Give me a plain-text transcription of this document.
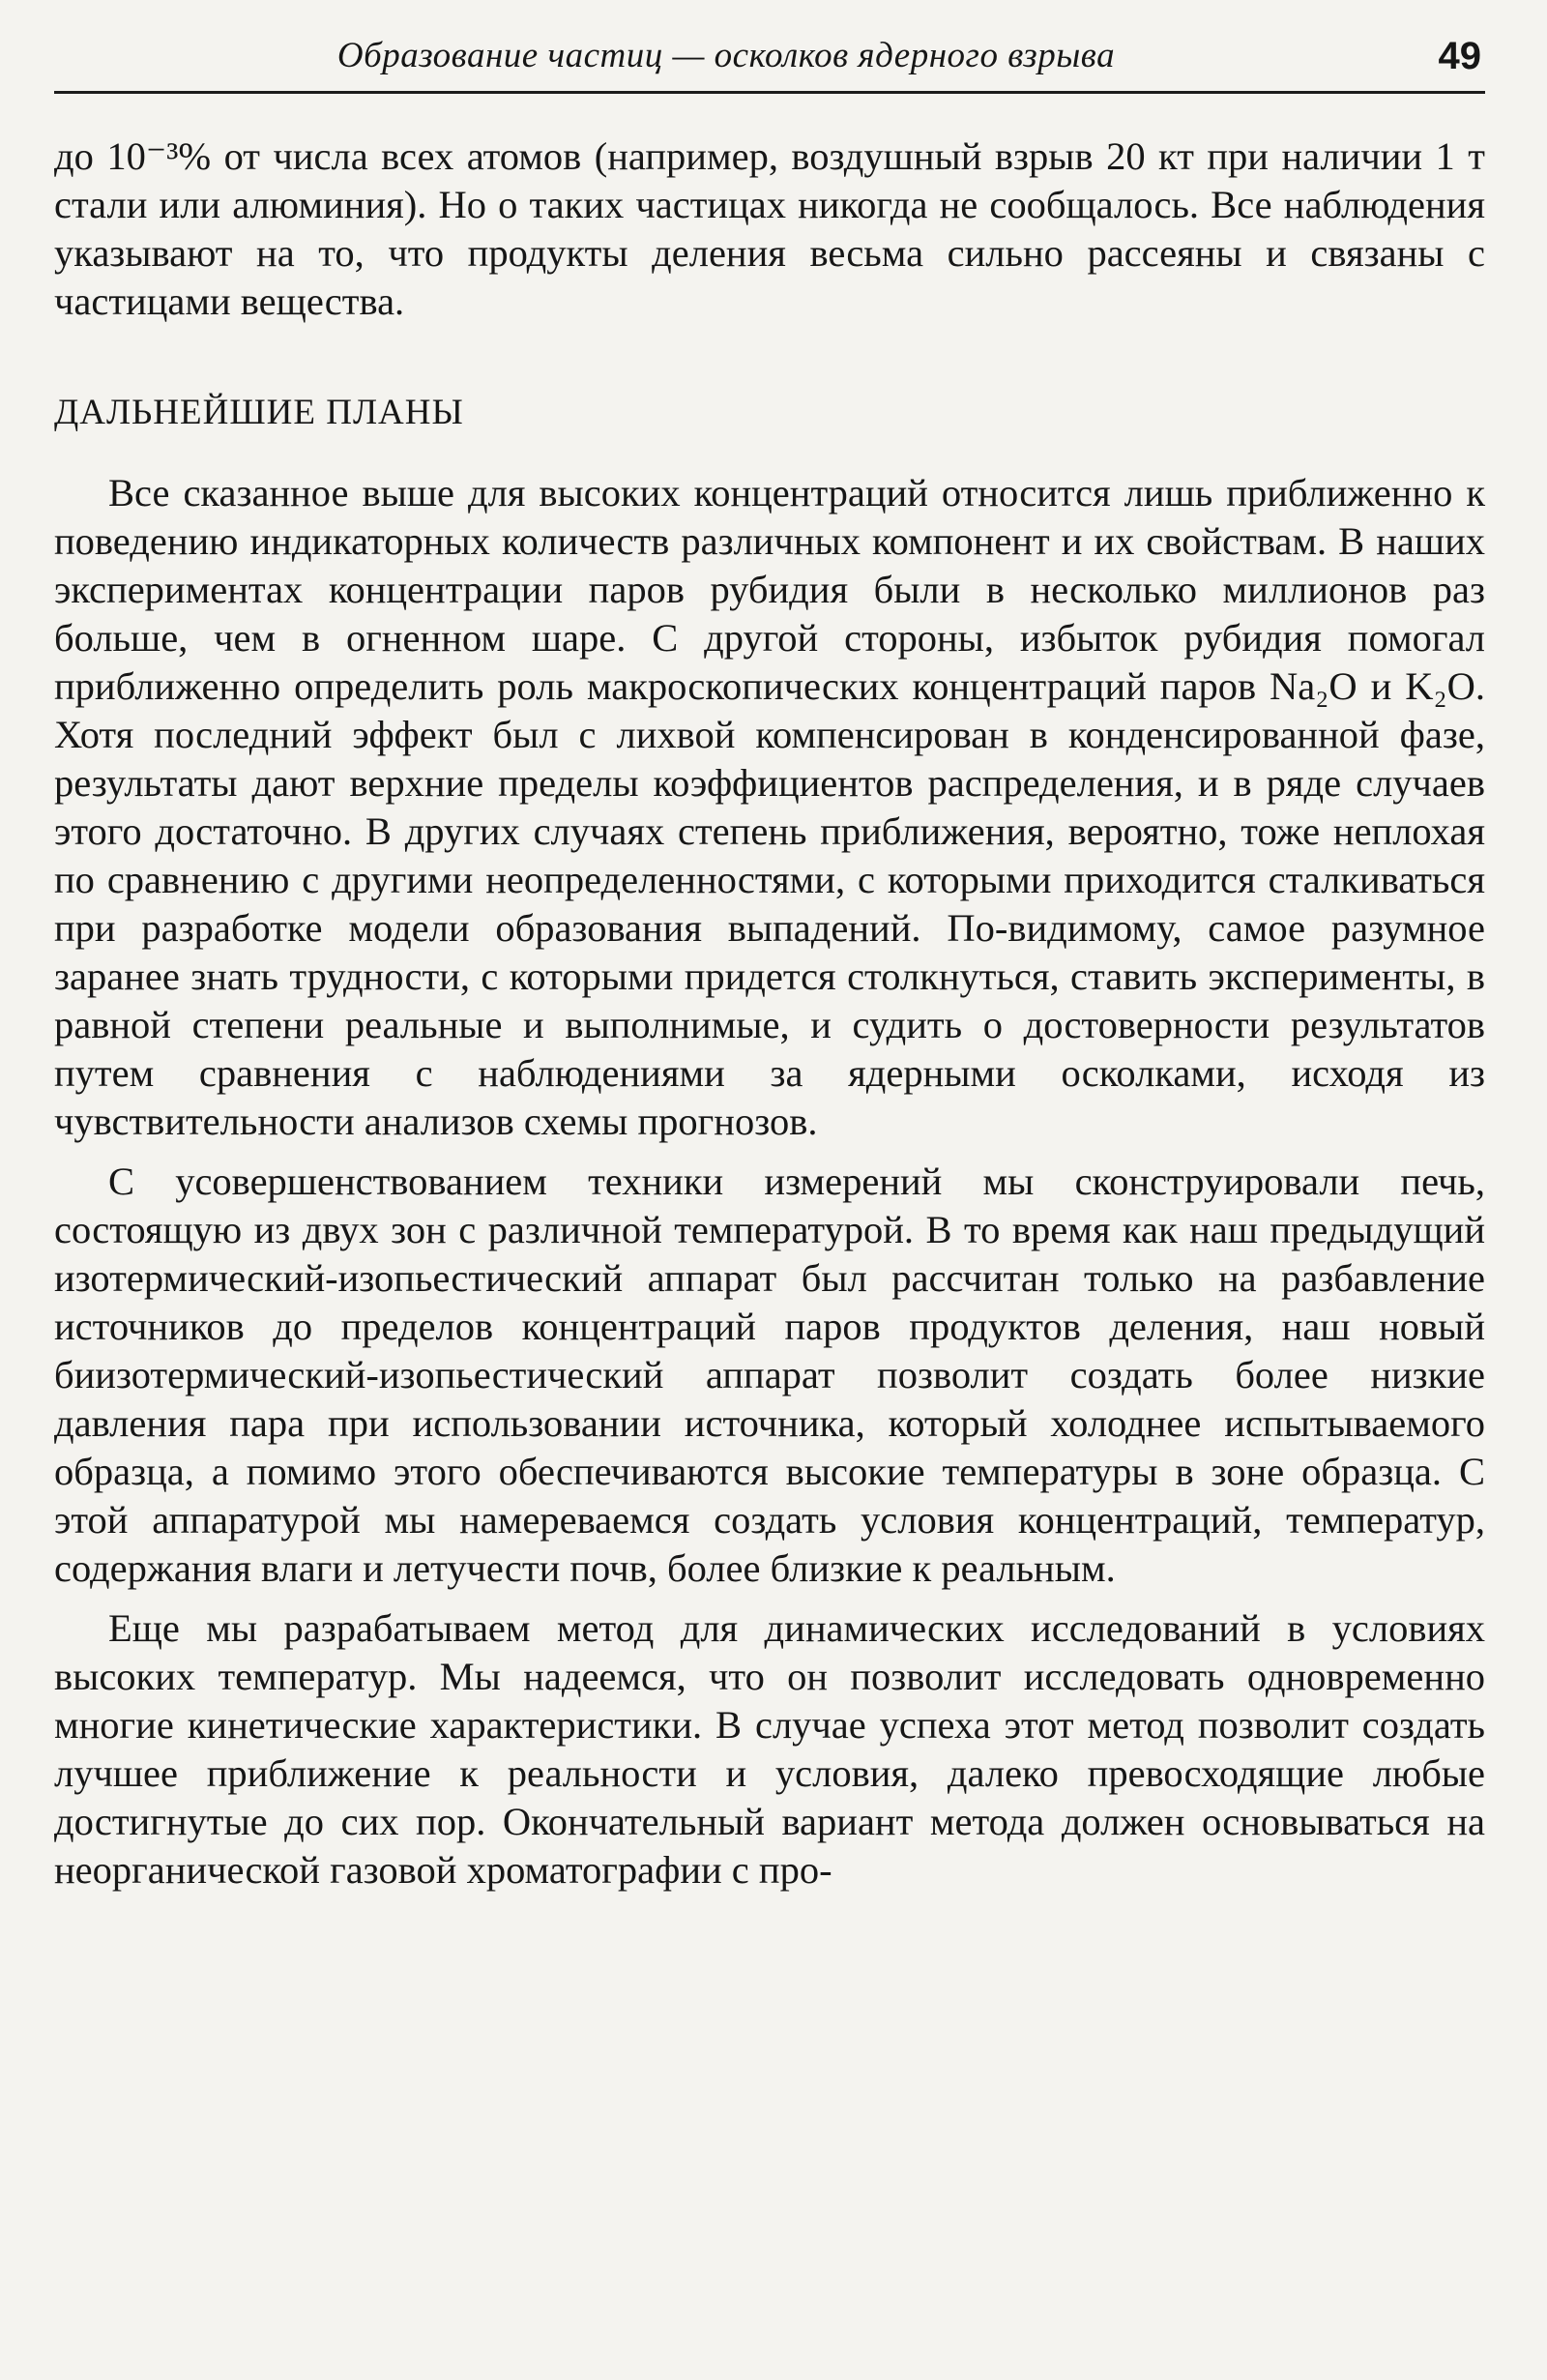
Образование частиц — осколков ядерного взрыва	49

до 10⁻³% от числа всех атомов (например, воздушный взрыв 20 кт при наличии 1 т стали или алюминия). Но о таких частицах никогда не сообщалось. Все наблюдения указывают на то, что продукты деления весьма сильно рассеяны и связаны с частицами вещества.

ДАЛЬНЕЙШИЕ ПЛАНЫ

Все сказанное выше для высоких концентраций относится лишь приближенно к поведению индикаторных количеств различных компонент и их свойствам. В наших экспериментах концентрации паров рубидия были в несколько миллионов раз больше, чем в огненном шаре. С другой стороны, избыток рубидия помогал приближенно определить роль макроскопических концентраций паров Na₂O и K₂O. Хотя последний эффект был с лихвой компенсирован в конденсированной фазе, результаты дают верхние пределы коэффициентов распределения, и в ряде случаев этого достаточно. В других случаях степень приближения, вероятно, тоже неплохая по сравнению с другими неопределенностями, с которыми приходится сталкиваться при разработке модели образования выпадений. По-видимому, самое разумное заранее знать трудности, с которыми придется столкнуться, ставить эксперименты, в равной степени реальные и выполнимые, и судить о достоверности результатов путем сравнения с наблюдениями за ядерными осколками, исходя из чувствительности анализов схемы прогнозов.

С усовершенствованием техники измерений мы сконструировали печь, состоящую из двух зон с различной температурой. В то время как наш предыдущий изотермический-изопьестический аппарат был рассчитан только на разбавление источников до пределов концентраций паров продуктов деления, наш новый биизотермический-изопьестический аппарат позволит создать более низкие давления пара при использовании источника, который холоднее испытываемого образца, а помимо этого обеспечиваются высокие температуры в зоне образца. С этой аппаратурой мы намереваемся создать условия концентраций, температур, содержания влаги и летучести почв, более близкие к реальным.

Еще мы разрабатываем метод для динамических исследований в условиях высоких температур. Мы надеемся, что он позволит исследовать одновременно многие кинетические характеристики. В случае успеха этот метод позволит создать лучшее приближение к реальности и условия, далеко превосходящие любые достигнутые до сих пор. Окончательный вариант метода должен основываться на неорганической газовой хроматографии с про-
